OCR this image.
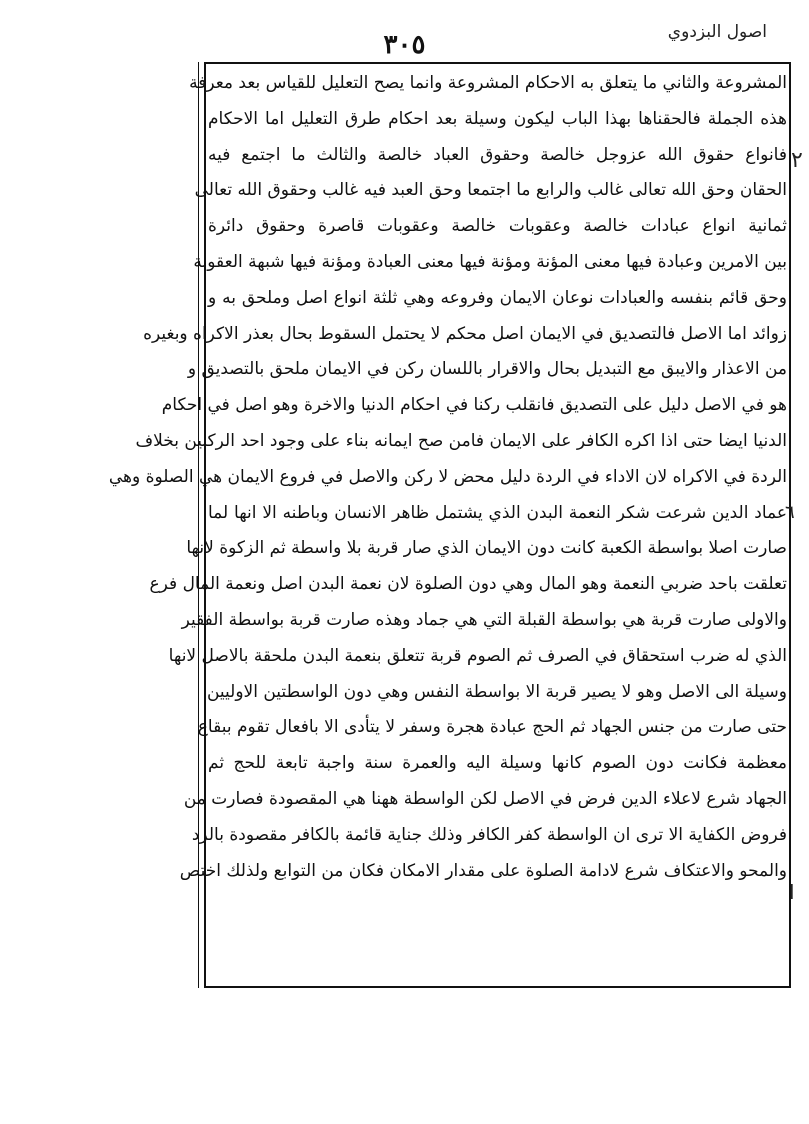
اصول البزدوي
٣٠٥
المشروعة والثاني ما يتعلق به الاحكام المشروعة وانما يصح التعليل للقياس بعد معرفة
هذه الجملة فالحقناها بهذا الباب ليكون وسيلة بعد احكام طرق التعليل اما الاحكام
فانواع حقوق الله عزوجل خالصة وحقوق العباد خالصة والثالث ما اجتمع فيه
الحقان وحق الله تعالى غالب والرابع ما اجتمعا وحق العبد فيه غالب وحقوق الله تعالى
ثمانية انواع عبادات خالصة وعقوبات خالصة وعقوبات قاصرة وحقوق دائرة
بين الامرين وعبادة فيها معنى المؤنة ومؤنة فيها معنى العبادة ومؤنة فيها شبهة العقوبة
وحق قائم بنفسه والعبادات نوعان الايمان وفروعه وهي ثلثة انواع اصل وملحق به و
زوائد اما الاصل فالتصديق في الايمان اصل محكم لا يحتمل السقوط بحال بعذر الاكراه وبغيره
من الاعذار والايبق مع التبديل بحال والاقرار باللسان ركن في الايمان ملحق بالتصديق و
هو في الاصل دليل على التصديق فانقلب ركنا في احكام الدنيا والاخرة وهو اصل في احكام
الدنيا ايضا حتى اذا اكره الكافر على الايمان فامن صح ايمانه بناء على وجود احد الركنين بخلاف
الردة في الاكراه لان الاداء في الردة دليل محض لا ركن والاصل في فروع الايمان هي الصلوة وهي
عماد الدين شرعت شكر النعمة البدن الذي يشتمل ظاهر الانسان وباطنه الا انها لما
صارت اصلا بواسطة الكعبة كانت دون الايمان الذي صار قربة بلا واسطة ثم الزكوة لانها
تعلقت باحد ضربي النعمة وهو المال وهي دون الصلوة لان نعمة البدن اصل ونعمة المال فرع
والاولى صارت قربة هي بواسطة القبلة التي هي جماد وهذه صارت قربة بواسطة الفقير
الذي له ضرب استحقاق في الصرف ثم الصوم قربة تتعلق بنعمة البدن ملحقة بالاصل لانها
وسيلة الى الاصل وهو لا يصير قربة الا بواسطة النفس وهي دون الواسطتين الاوليين
حتى صارت من جنس الجهاد ثم الحج عبادة هجرة وسفر لا يتأدى الا بافعال تقوم ببقاع
معظمة فكانت دون الصوم كانها وسيلة اليه والعمرة سنة واجبة تابعة للحج ثم
الجهاد شرع لاعلاء الدين فرض في الاصل لكن الواسطة ههنا هي المقصودة فصارت من
فروض الكفاية الا ترى ان الواسطة كفر الكافر وذلك جناية قائمة بالكافر مقصودة بالرد
والمحو والاعتكاف شرع لادامة الصلوة على مقدار الامكان فكان من التوابع ولذلك اختص
٢
٦
ا
